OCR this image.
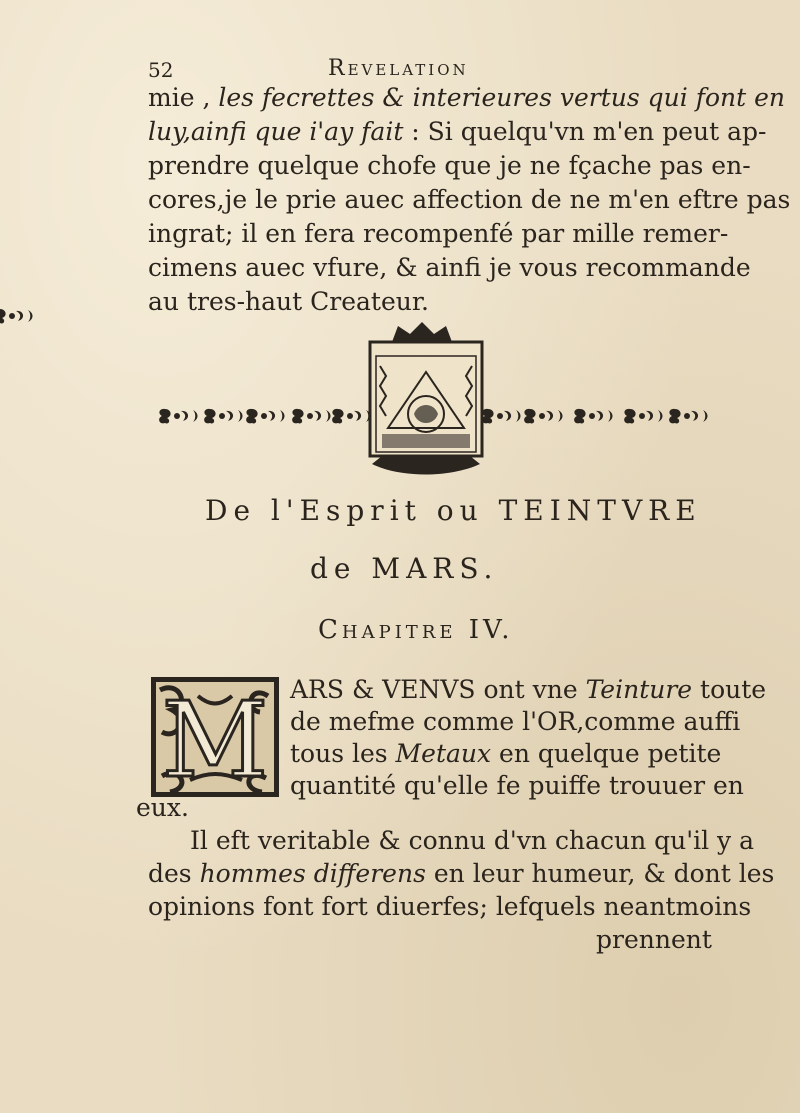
52	Revelation
mie , les fecrettes & interieures vertus qui font en
luy,ainfi que i'ay fait : Si quelqu'vn m'en peut ap-
prendre quelque chofe que je ne fçache pas en-
cores,je le prie auec affection de ne m'en eftre pas
ingrat; il en fera recompenfé par mille remer-
cimens auec vfure, & ainfi je vous recommande
au tres-haut Createur.
IN IPSIS
De l'Esprit ou TEINTVRE
de MARS.
Chapitre IV.
M ARS & VENVS ont vne Teinture toute
de mefme comme l'OR,comme auffi
tous les Metaux en quelque petite
quantité qu'elle fe puiffe trouuer en
eux.
Il eft veritable & connu d'vn chacun qu'il y a
des hommes differens en leur humeur, & dont les
opinions font fort diuerfes; lefquels neantmoins
prennent
